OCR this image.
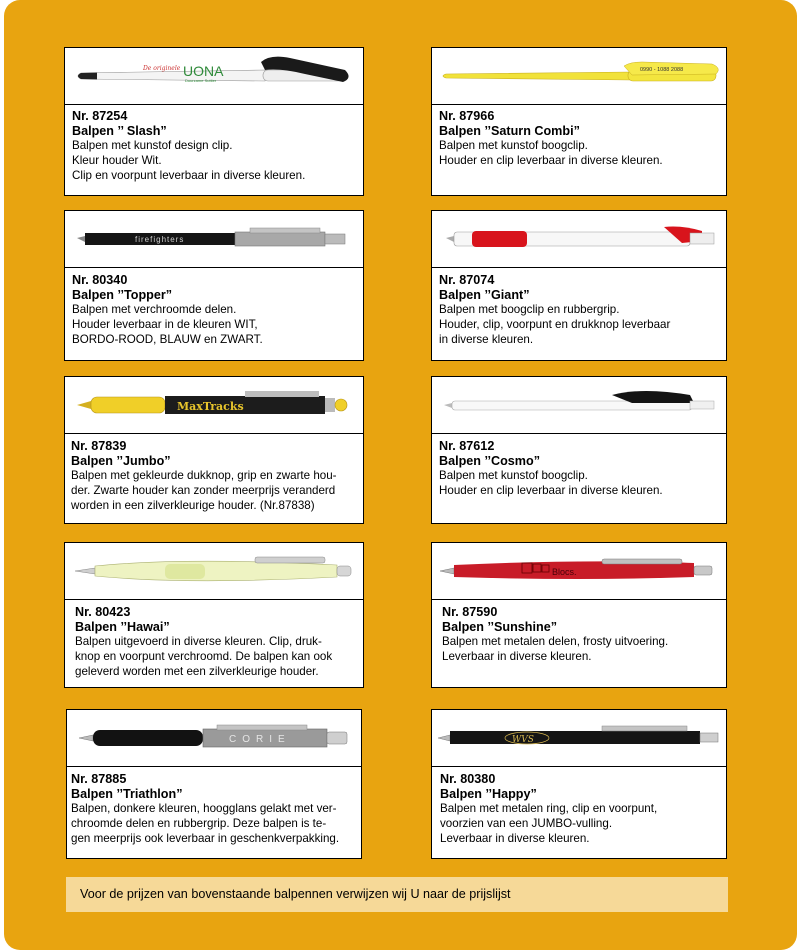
De originele UONA
Duurzame Suttier
Nr. 87254
Balpen ’’ Slash”
Balpen met kunstof design clip.
Kleur houder Wit.
Clip en voorpunt leverbaar in diverse kleuren.
0990 - 1088 2088
Nr. 87966
Balpen ’’Saturn Combi”
Balpen met kunstof boogclip.
Houder en clip leverbaar in diverse kleuren.
firefighters
Nr. 80340
Balpen ’’Topper”
Balpen met verchroomde delen.
Houder leverbaar in de kleuren WIT,
BORDO-ROOD, BLAUW en ZWART.
Nr. 87074
Balpen ’’Giant”
Balpen met boogclip en rubbergrip.
Houder, clip, voorpunt en drukknop leverbaar
in diverse kleuren.
MaxTracks
Nr. 87839
Balpen ’’Jumbo”
Balpen met gekleurde dukknop, grip en zwarte hou-
der. Zwarte houder kan zonder meerprijs veranderd
worden in een zilverkleurige houder. (Nr.87838)
Nr. 87612
Balpen ’’Cosmo”
Balpen met kunstof boogclip.
Houder en clip leverbaar in diverse kleuren.
Nr. 80423
Balpen ’’Hawai”
Balpen uitgevoerd in diverse kleuren. Clip, druk-
knop en voorpunt verchroomd. De balpen kan ook
geleverd worden met een zilverkleurige houder.
Blocs.
Nr. 87590
Balpen ’’Sunshine”
Balpen met metalen delen, frosty uitvoering.
Leverbaar in diverse kleuren.
CORIE
Nr. 87885
Balpen ’’Triathlon”
Balpen, donkere kleuren, hoogglans gelakt met ver-
chroomde delen en rubbergrip. Deze balpen is te-
gen meerprijs ook leverbaar in geschenkverpakking.
WVS
Nr. 80380
Balpen ’’Happy”
Balpen met metalen ring, clip en voorpunt,
voorzien van een JUMBO-vulling.
Leverbaar in diverse kleuren.
Voor de prijzen van bovenstaande balpennen verwijzen wij U naar de prijslijst
